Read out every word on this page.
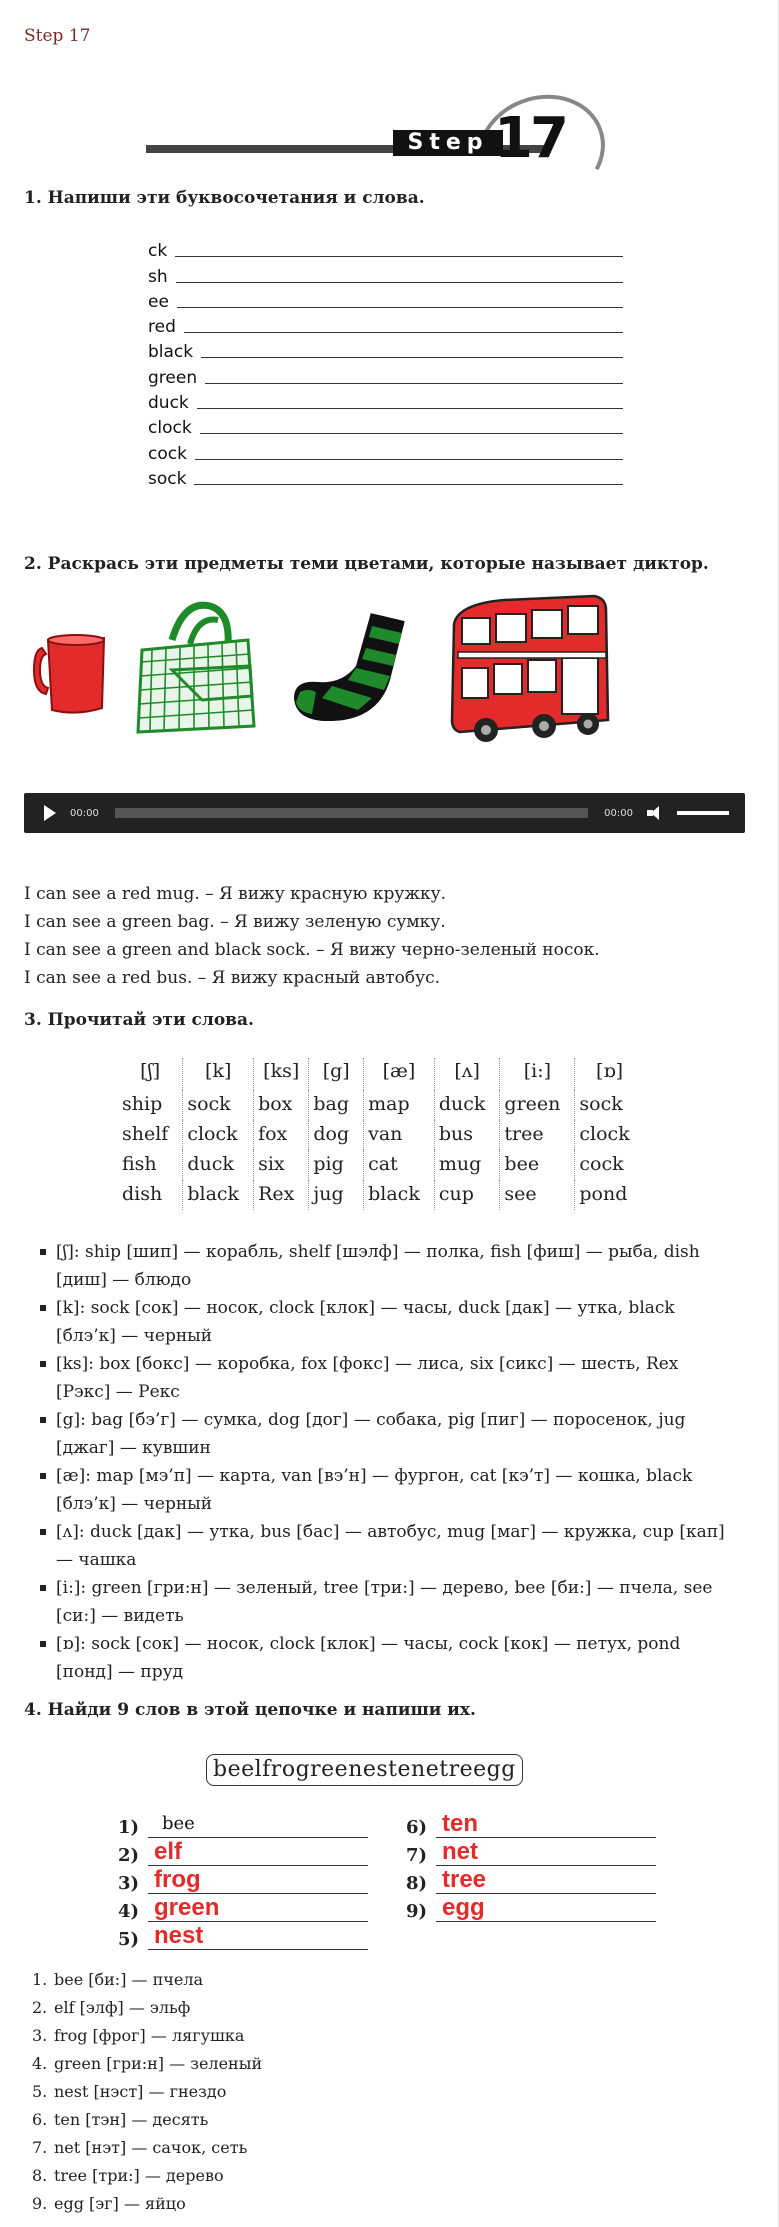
Step 17
Step 17
1. Напиши эти буквосочетания и слова.
ck
sh
ee
red
black
green
duck
clock
cock
sock
2. Раскрась эти предметы теми цветами, которые называет диктор.
00:00	00:00
I can see a red mug. – Я вижу красную кружку.
I can see a green bag. – Я вижу зеленую сумку.
I can see a green and black sock. – Я вижу черно-зеленый носок.
I can see a red bus. – Я вижу красный автобус.
3. Прочитай эти слова.
[ʃ]	[k]	[ks]	[g]	[æ]	[ʌ]	[i:]	[ɒ]
ship	sock	box	bag	map	duck	green	sock
shelf	clock	fox	dog	van	bus	tree	clock
fish	duck	six	pig	cat	mug	bee	cock
dish	black	Rex	jug	black	cup	see	pond
[ʃ]: ship [шип] — корабль, shelf [шэлф] — полка, fish [фиш] — рыба, dish [диш] — блюдо
[k]: sock [сок] — носок, clock [клок] — часы, duck [дак] — утка, black [блэ’к] — черный
[ks]: box [бокс] — коробка, fox [фокс] — лиса, six [сикс] — шесть, Rex [Рэкс] — Рекс
[g]: bag [бэ’г] — сумка, dog [дог] — собака, pig [пиг] — поросенок, jug [джаг] — кувшин
[æ]: map [мэ’п] — карта, van [вэ’н] — фургон, cat [кэ’т] — кошка, black [блэ’к] — черный
[ʌ]: duck [дак] — утка, bus [бас] — автобус, mug [маг] — кружка, cup [кап] — чашка
[i:]: green [гри:н] — зеленый, tree [три:] — дерево, bee [би:] — пчела, see [си:] — видеть
[ɒ]: sock [сок] — носок, clock [клок] — часы, cock [кок] — петух, pond [понд] — пруд
4. Найди 9 слов в этой цепочке и напиши их.
beelfrogreenestenetreegg
1)	bee
2) elf
3) frog
4) green
5) nest
6) ten
7) net
8) tree
9) egg
1. bee [би:] — пчела
2. elf [элф] — эльф
3. frog [фрог] — лягушка
4. green [гри:н] — зеленый
5. nest [нэст] — гнездо
6. ten [тэн] — десять
7. net [нэт] — сачок, сеть
8. tree [три:] — дерево
9. egg [эг] — яйцо
